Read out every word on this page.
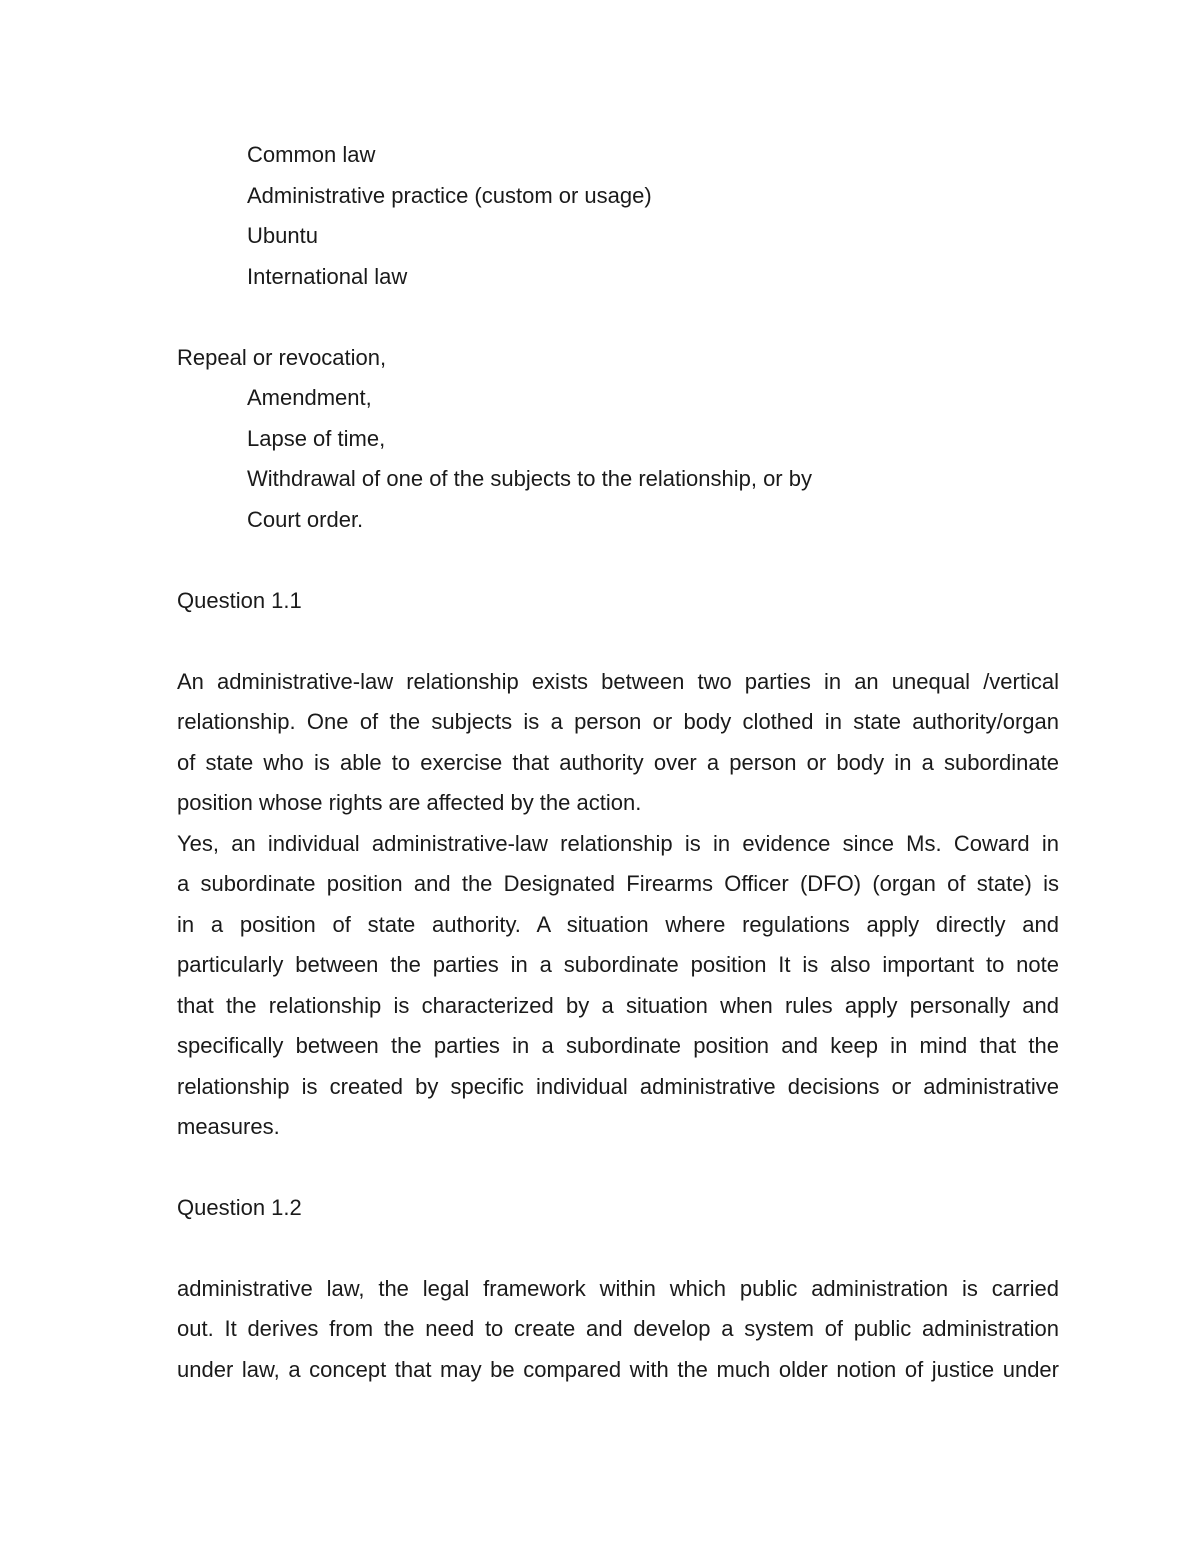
Common law
Administrative practice (custom or usage)
Ubuntu
International law
Repeal or revocation,
Amendment,
Lapse of time,
Withdrawal of one of the subjects to the relationship, or by
Court order.
Question 1.1
An administrative-law relationship exists between two parties in an unequal /vertical
relationship. One of the subjects is a person or body clothed in state authority/organ
of state who is able to exercise that authority over a person or body in a subordinate
position whose rights are affected by the action.
Yes, an individual administrative-law relationship is in evidence since Ms. Coward in
a subordinate position and the Designated Firearms Officer (DFO) (organ of state) is
in a position of state authority. A situation where regulations apply directly and
particularly between the parties in a subordinate position It is also important to note
that the relationship is characterized by a situation when rules apply personally and
specifically between the parties in a subordinate position and keep in mind that the
relationship is created by specific individual administrative decisions or administrative
measures.
Question 1.2
administrative law, the legal framework within which public administration is carried
out. It derives from the need to create and develop a system of public administration
under law, a concept that may be compared with the much older notion of justice under
